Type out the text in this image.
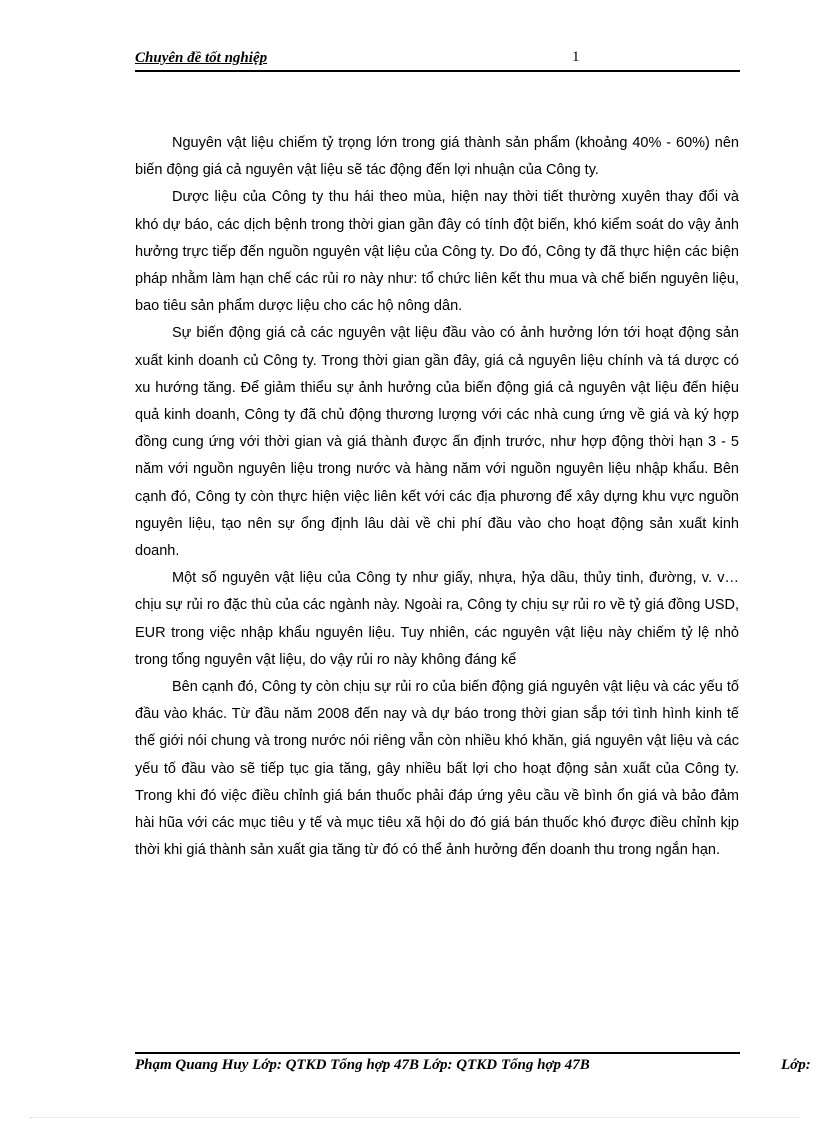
Chuyên đề tốt nghiệp	1

Nguyên vật liệu chiếm tỷ trọng lớn trong giá thành sản phẩm (khoảng 40% - 60%) nên biến động giá cả nguyên vật liệu sẽ tác động đến lợi nhuận của Công ty.

Dược liệu của Công ty thu hái theo mùa, hiện nay thời tiết thường xuyên thay đổi và khó dự báo, các dịch bệnh trong thời gian gần đây có tính đột biến, khó kiểm soát do vậy ảnh hưởng trực tiếp đến nguồn nguyên vật liệu của Công ty. Do đó, Công ty đã thực hiện các biện pháp nhằm làm hạn chế các rủi ro này như: tổ chức liên kết thu mua và chế biến nguyên liệu, bao tiêu sản phẩm dược liệu cho các hộ nông dân.

Sự biến động giá cả các nguyên vật liệu đầu vào có ảnh hưởng lớn tới hoạt động sản xuất kinh doanh củ Công ty. Trong thời gian gần đây, giá cả nguyên liệu chính và tá dược có xu hướng tăng. Để giảm thiểu sự ảnh hưởng của biến động giá cả nguyên vật liệu đến hiệu quả kinh doanh, Công ty đã chủ động thương lượng với các nhà cung ứng về giá và ký hợp đồng cung ứng với thời gian và giá thành được ấn định trước, như hợp động thời hạn 3 - 5 năm với nguồn nguyên liệu trong nước và hàng năm với nguồn nguyên liệu nhập khẩu. Bên cạnh đó, Công ty còn thực hiện việc liên kết với các địa phương để xây dựng khu vực nguồn nguyên liệu, tạo nên sự ổng định lâu dài về chi phí đầu vào cho hoạt động sản xuất kinh doanh.

Một số nguyên vật liệu của Công ty như giấy, nhựa, hỷa dầu, thủy tinh, đường, v. v… chịu sự rủi ro đặc thù của các ngành này. Ngoài ra, Công ty chịu sự rủi ro về tỷ giá đồng USD, EUR trong việc nhập khẩu nguyên liệu. Tuy nhiên, các nguyên vật liệu này chiếm tỷ lệ nhỏ trong tổng nguyên vật liệu, do vậy rủi ro này không đáng kể

Bên cạnh đó, Công ty còn chịu sự rủi ro của biến động giá nguyên vật liệu và các yếu tố đầu vào khác. Từ đầu năm 2008 đến nay và dự báo trong thời gian sắp tới tình hình kinh tế thế giới nói chung và trong nước nói riêng vẫn còn nhiều khó khăn, giá nguyên vật liệu và các yếu tố đầu vào sẽ tiếp tục gia tăng, gây nhiều bất lợi cho hoạt động sản xuất của Công ty. Trong khi đó việc điều chỉnh giá bán thuốc phải đáp ứng yêu cầu về bình ổn giá và bảo đảm hài hũa với các mục tiêu y tế và mục tiêu xã hội do đó giá bán thuốc khó được điều chỉnh kịp thời khi giá thành sản xuất gia tăng từ đó có thể ảnh hưởng đến doanh thu trong ngắn hạn.

Phạm Quang Huy Lớp: QTKD Tổng hợp 47B Lớp: QTKD Tổng hợp 47B	Lớp:
